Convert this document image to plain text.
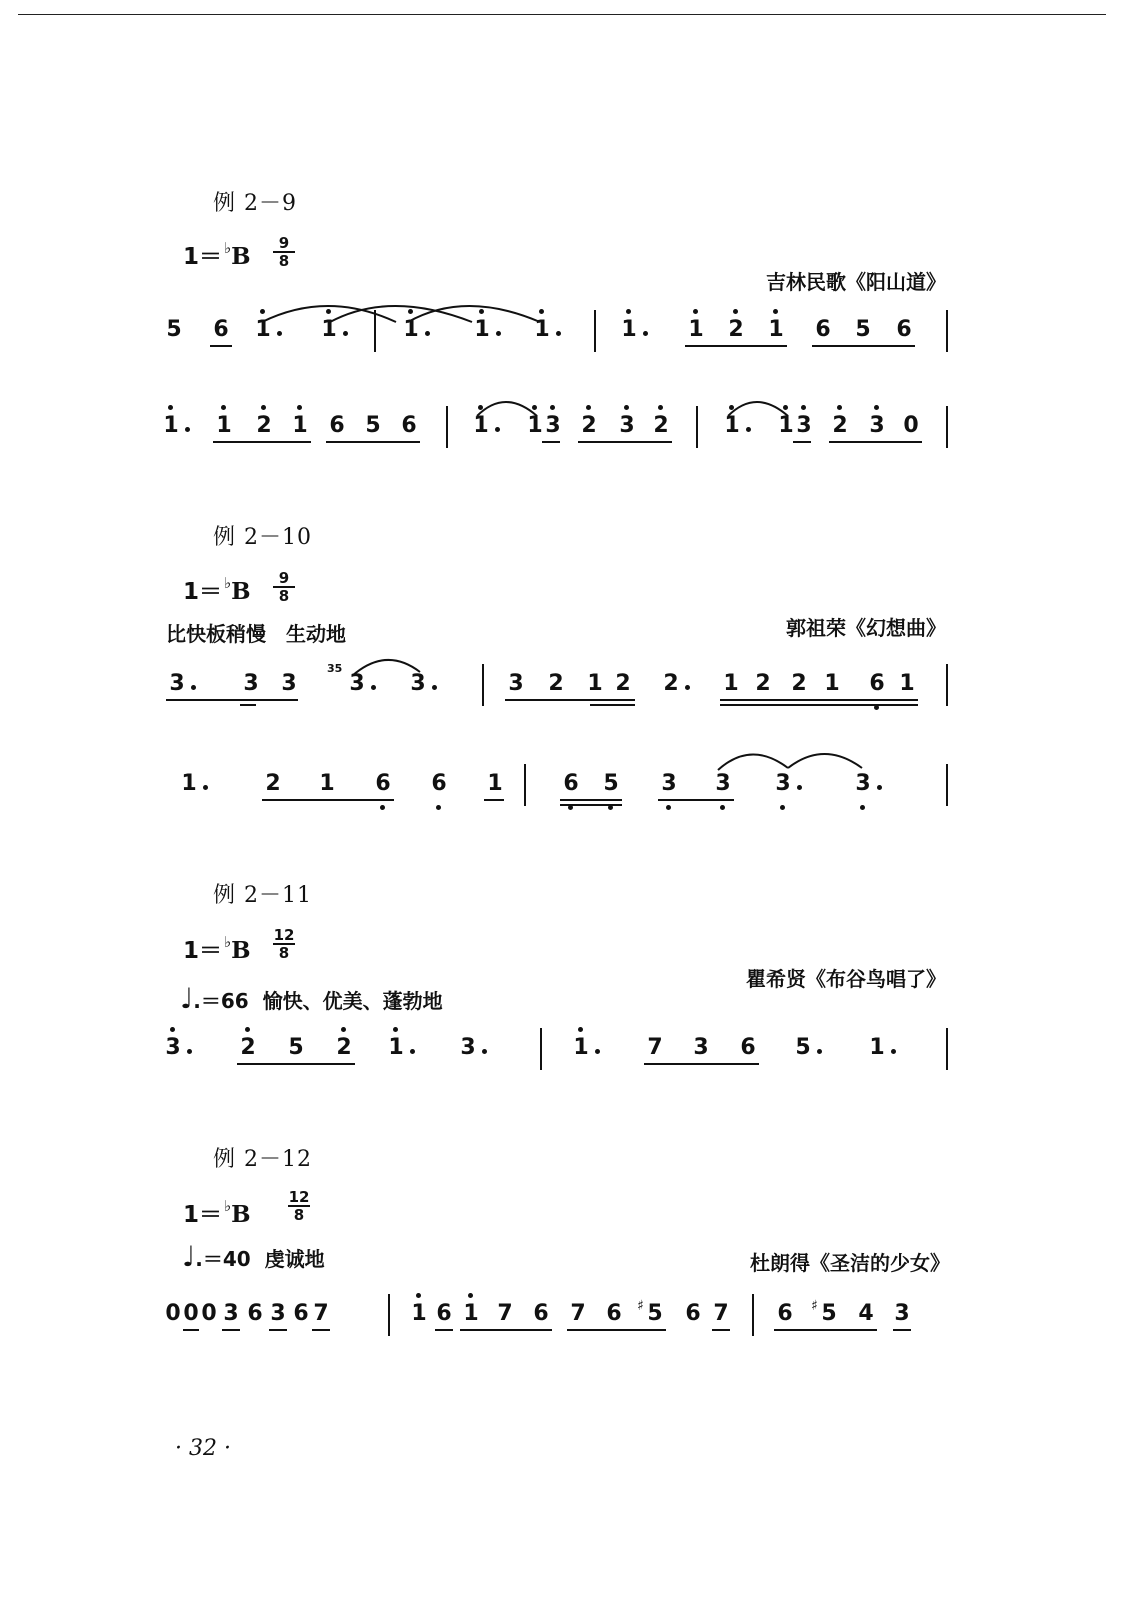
例 2－9
$1= ^♭B \frac{9}{8}$
吉林民歌《阳山道》
5 6 1 1	1	1 1	1 1 2 1 6 5 6
1 1 2 1 6 5 6	1 1 3 2 3 2	1 1 3 2 3 0
例 2－10
$1= ^♭B \frac{9}{8}$
比快板稍慢　生动地	郭祖荣《幻想曲》
3	3 3
35
3 3	3 2 1 2 2 1 2 2 1 6 1
1	2 1 6 6 1	6 5 3 3 3	3
例 2－11
$1= ^♭B \frac{12}{8}$
瞿希贤《布谷鸟唱了》
♩.＝66 愉快、优美、蓬勃地
3	2 5 2 1	3	1	7 3 6 5	1
例 2－12
$1= ^♭B \frac{12}{8}$
♩.＝40 虔诚地	杜朗得《圣洁的少女》
0 0 0 3 6 3 6 7	1 6 1 7 6 7 6 5
♯ 6 7 6 5
♯ 4 3
· 32 ·
